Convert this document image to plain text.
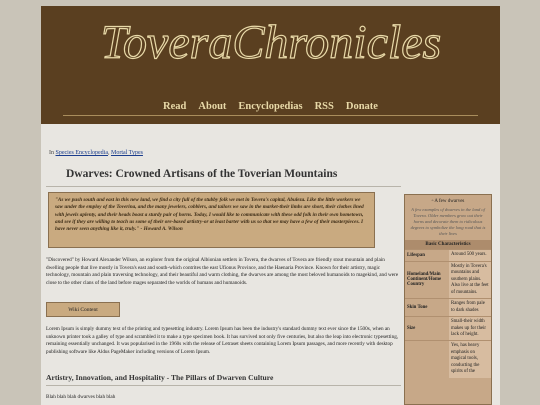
ToveraChronicles
Read About Encyclopedias RSS Donate
In Species Encyclopedia, Mortal Types
Dwarves: Crowned Artisans of the Toverian Mountains
"As we push south and east in this new land, we find a city full of the stubby folk we met in Tovera's capital, Abuleza. Like the little workers we saw under the employ of the Toverina, and the many jewelers, cobblers, and tailors we saw in the market-their limbs are short, their clothes lined with jewels aplenty, and their heads boast a sturdy pair of horns. Today, I would like to communicate with these odd folk in their own hometown, and see if they are willing to teach us some of their ore-based artistry-or at least barter with us so that we may have a few of their masterpieces. I have never seen anything like it, truly." - Howard A. Wilson
"Discovered" by Howard Alexander Wilson, an explorer from the original Albionian settlers in Tovera, the dwarves of Tovera are friendly stout mountain and plain dwelling people that live mostly in Tovera's east and south-which contrites the east Ufionus Province, and the Haenaria Province. Known for their artistry, magic technology, mountain and plain traversing technology, and their beautiful and warm clothing, the dwarves are among the most beloved humanoids to magekind, and were close to the other clans of the land before mages separated the worlds of humans and humanoids.
Wiki Content
Lorem Ipsum is simply dummy text of the printing and typesetting industry. Lorem Ipsum has been the industry's standard dummy text ever since the 1500s, when an unknown printer took a galley of type and scrambled it to make a type specimen book. It has survived not only five centuries, but also the leap into electronic typesetting, remaining essentially unchanged. It was popularised in the 1960s with the release of Letraset sheets containing Lorem Ipsum passages, and more recently with desktop publishing software like Aldus PageMaker including versions of Lorem Ipsum.
Artistry, Innovation, and Hospitality - The Pillars of Dwarven Culture
Blah blah blah dwarves blah blah
▫ A few dwarves
A few examples of dwarves in the land of Tovera. Older members grow out their horns and decorate them to ridiculous degrees to symbolize the long road that is their lives
Basic Characteristics
Lifespan	Around 500 years.
Homeland/Main Continent/Home Country
Mostly in Tovera's mountains and southern plains. Also live at the feet of mountains.
Skin Tone
Ranges from pale to dark shades
Size
Small-their width makes up for their lack of height.
Yes, has heavy emphasis on magical tools, conducting the spirits of the
